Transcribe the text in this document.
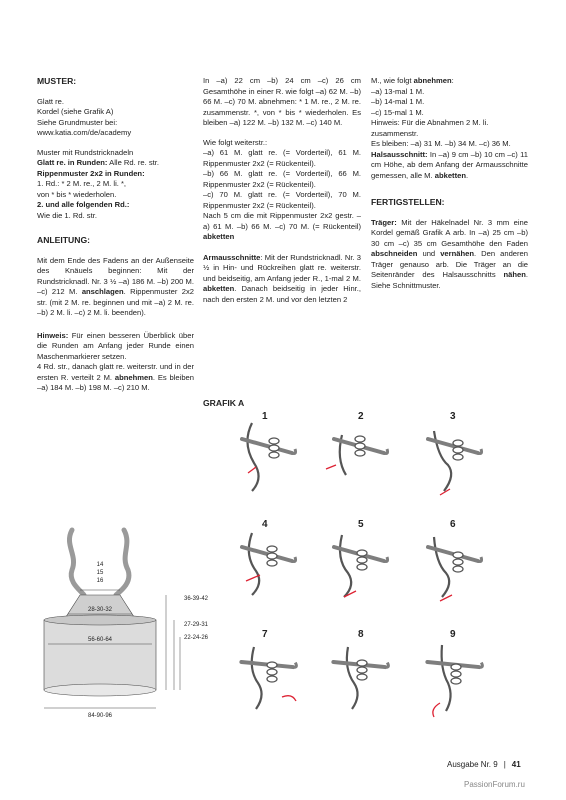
MUSTER:

Glatt re.
Kordel (siehe Grafik A)
Siehe Grundmuster bei:
www.katia.com/de/academy

Muster mit Rundstricknadeln
Glatt re. in Runden: Alle Rd. re. str.
Rippenmuster 2x2 in Runden:
1. Rd.: * 2 M. re., 2 M. li. *,
von * bis * wiederholen.
2. und alle folgenden Rd.:
Wie die 1. Rd. str.

ANLEITUNG:

Mit dem Ende des Fadens an der Außenseite des Knäuels beginnen: Mit der Rundstricknadl. Nr. 3 ½ –a) 186 M. –b) 200 M. –c) 212 M. anschlagen. Rippenmuster 2x2 str. (mit 2 M. re. beginnen und mit –a) 2 M. re. –b) 2 M. li. –c) 2 M. li. beenden).

Hinweis: Für einen besseren Überblick über die Runden am Anfang jeder Runde einen Maschenmarkierer setzen.

4 Rd. str., danach glatt re. weiterstr. und in der ersten R. verteilt 2 M. abnehmen. Es bleiben –a) 184 M. –b) 198 M. –c) 210 M.

In –a) 22 cm –b) 24 cm –c) 26 cm Gesamthöhe in einer R. wie folgt –a) 62 M. –b) 66 M. –c) 70 M. abnehmen: * 1 M. re., 2 M. re. zusammenstr. *, von * bis * wiederholen. Es bleiben –a) 122 M. –b) 132 M. –c) 140 M.

Wie folgt weiterstr.:
–a) 61 M. glatt re. (= Vorderteil), 61 M. Rippenmuster 2x2 (= Rückenteil).
–b) 66 M. glatt re. (= Vorderteil), 66 M. Rippenmuster 2x2 (= Rückenteil).
–c) 70 M. glatt re. (= Vorderteil), 70 M. Rippenmuster 2x2 (= Rückenteil).
Nach 5 cm die mit Rippenmuster 2x2 gestr. –a) 61 M. –b) 66 M. –c) 70 M. (= Rückenteil) abketten

Armausschnitte: Mit der Rundstricknadl. Nr. 3 ½ in Hin- und Rückreihen glatt re. weiterstr. und beidseitig, am Anfang jeder R., 1-mal 2 M. abketten. Danach beidseitig in jeder Hinr., nach den ersten 2 M. und vor den letzten 2

M., wie folgt abnehmen:
–a) 13-mal 1 M.
–b) 14-mal 1 M.
–c) 15-mal 1 M.
Hinweis: Für die Abnahmen 2 M. li. zusammenstr.
Es bleiben: –a) 31 M. –b) 34 M. –c) 36 M.
Halsausschnitt: In –a) 9 cm –b) 10 cm –c) 11 cm Höhe, ab dem Anfang der Armausschnitte gemessen, alle M. abketten.

FERTIGSTELLEN:

Träger: Mit der Häkelnadel Nr. 3 mm eine Kordel gemäß Grafik A arb. In –a) 25 cm –b) 30 cm –c) 35 cm Gesamthöhe den Faden abschneiden und vernähen. Den anderen Träger genauso arb. Die Träger an die Seitenränder des Halsausschnitts nähen. Siehe Schnittmuster.

GRAFIK A
14
15
16
28-30-32
56-60-64
84-90-96
36-39-42
27-29-31
22-24-26
1	2	3
4	5	6
7	8	9
Ausgabe Nr. 9 | 41
PassionForum.ru
